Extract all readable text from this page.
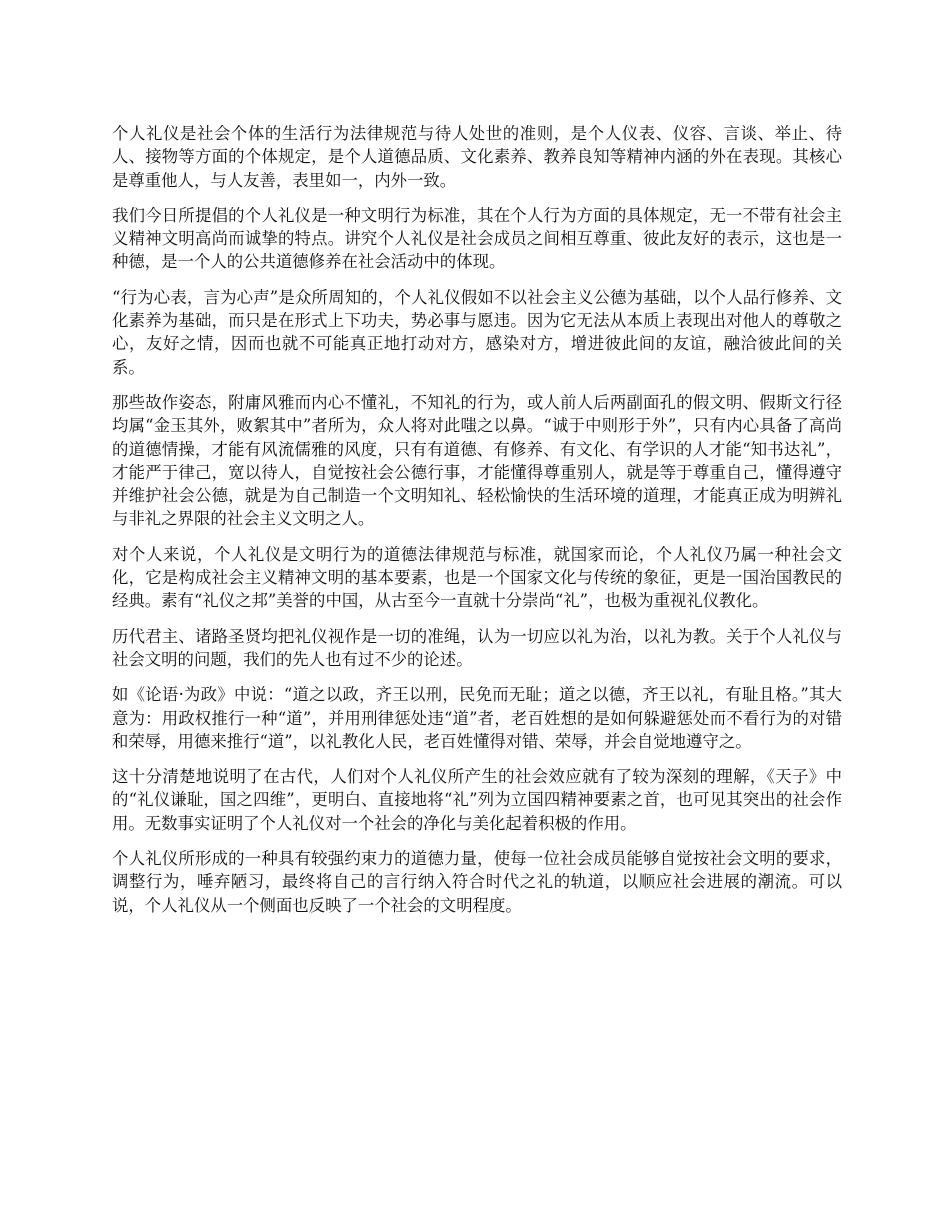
个人礼仪是社会个体的生活行为法律规范与待人处世的准则，是个人仪表、仪容、言谈、举止、待人、接物等方面的个体规定，是个人道德品质、文化素养、教养良知等精神内涵的外在表现。其核心是尊重他人，与人友善，表里如一，内外一致。

我们今日所提倡的个人礼仪是一种文明行为标准，其在个人行为方面的具体规定，无一不带有社会主义精神文明高尚而诚挚的特点。讲究个人礼仪是社会成员之间相互尊重、彼此友好的表示，这也是一种德，是一个人的公共道德修养在社会活动中的体现。

“行为心表，言为心声”是众所周知的，个人礼仪假如不以社会主义公德为基础，以个人品行修养、文化素养为基础，而只是在形式上下功夫，势必事与愿违。因为它无法从本质上表现出对他人的尊敬之心，友好之情，因而也就不可能真正地打动对方，感染对方，增进彼此间的友谊，融洽彼此间的关系。

那些故作姿态，附庸风雅而内心不懂礼，不知礼的行为，或人前人后两副面孔的假文明、假斯文行径均属“金玉其外，败絮其中”者所为，众人将对此嗤之以鼻。“诚于中则形于外”，只有内心具备了高尚的道德情操，才能有风流儒雅的风度，只有有道德、有修养、有文化、有学识的人才能“知书达礼”，才能严于律己，宽以待人，自觉按社会公德行事，才能懂得尊重别人，就是等于尊重自己，懂得遵守并维护社会公德，就是为自己制造一个文明知礼、轻松愉快的生活环境的道理，才能真正成为明辨礼与非礼之界限的社会主义文明之人。

对个人来说，个人礼仪是文明行为的道德法律规范与标准，就国家而论，个人礼仪乃属一种社会文化，它是构成社会主义精神文明的基本要素，也是一个国家文化与传统的象征，更是一国治国教民的经典。素有“礼仪之邦”美誉的中国，从古至今一直就十分崇尚“礼”，也极为重视礼仪教化。

历代君主、诸路圣贤均把礼仪视作是一切的准绳，认为一切应以礼为治，以礼为教。关于个人礼仪与社会文明的问题，我们的先人也有过不少的论述。

如《论语·为政》中说：“道之以政，齐王以刑，民免而无耻；道之以德，齐王以礼，有耻且格。”其大意为：用政权推行一种“道”，并用刑律惩处违“道”者，老百姓想的是如何躲避惩处而不看行为的对错和荣辱，用德来推行“道”，以礼教化人民，老百姓懂得对错、荣辱，并会自觉地遵守之。

这十分清楚地说明了在古代，人们对个人礼仪所产生的社会效应就有了较为深刻的理解，《天子》中的“礼仪谦耻，国之四维”，更明白、直接地将“礼”列为立国四精神要素之首，也可见其突出的社会作用。无数事实证明了个人礼仪对一个社会的净化与美化起着积极的作用。

个人礼仪所形成的一种具有较强约束力的道德力量，使每一位社会成员能够自觉按社会文明的要求，调整行为，唾弃陋习，最终将自己的言行纳入符合时代之礼的轨道，以顺应社会进展的潮流。可以说，个人礼仪从一个侧面也反映了一个社会的文明程度。
